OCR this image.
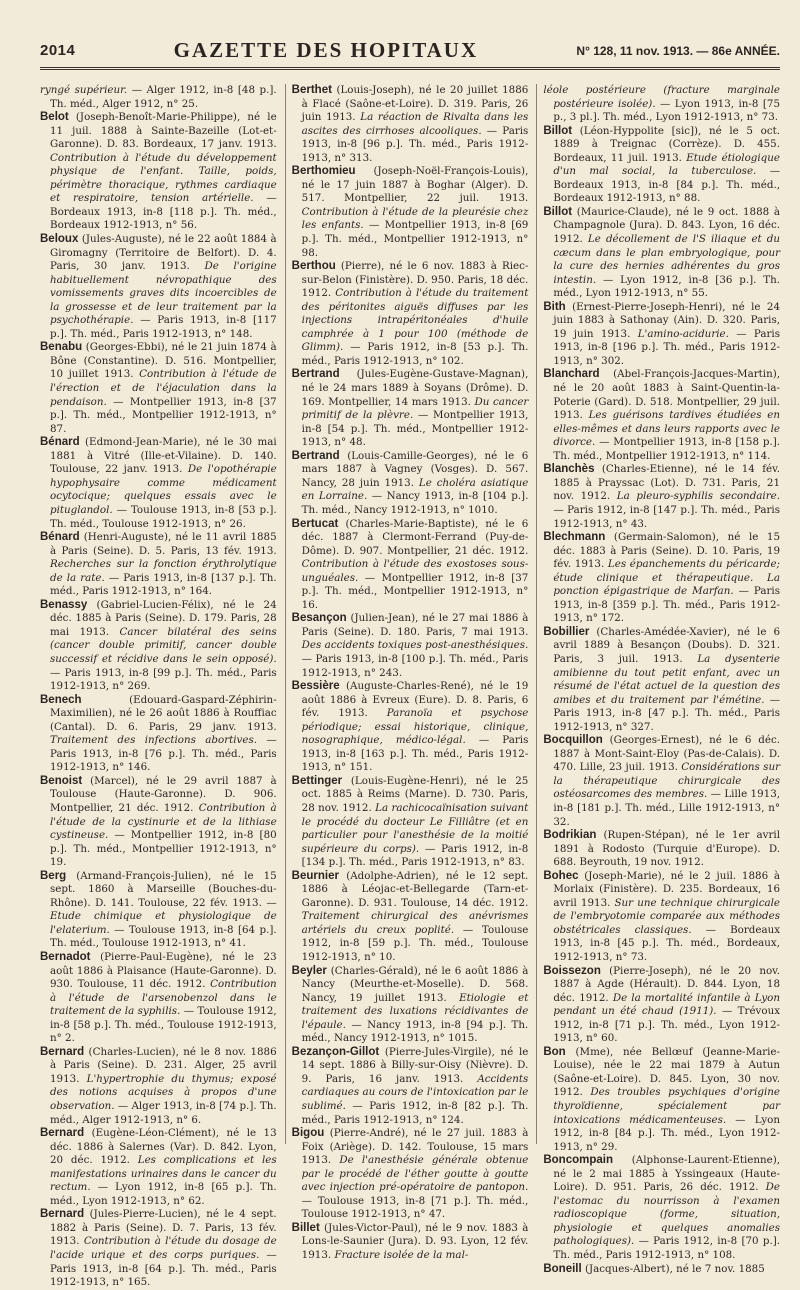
2014	GAZETTE DES HOPITAUX	N° 128, 11 nov. 1913. — 86e ANNÉE.

ryngé supérieur. — Alger 1912, in-8 [48 p.]. Th. méd., Alger 1912, n° 25.

Belot (Joseph-Benoît-Marie-Philippe), né le 11 juil. 1888 à Sainte-Bazeille (Lot-et-Garonne). D. 83. Bordeaux, 17 janv. 1913. Contribution à l'étude du développement physique de l'enfant. Taille, poids, périmètre thoracique, rythmes cardiaque et respiratoire, tension artérielle. — Bordeaux 1913, in-8 [118 p.]. Th. méd., Bordeaux 1912-1913, n° 56.

Beloux (Jules-Auguste), né le 22 août 1884 à Giromagny (Territoire de Belfort). D. 4. Paris, 30 janv. 1913. De l'origine habituellement névropathique des vomissements graves dits incoercibles de la grossesse et de leur traitement par la psychothérapie. — Paris 1913, in-8 [117 p.]. Th. méd., Paris 1912-1913, n° 148.

Benabu (Georges-Ebbi), né le 21 juin 1874 à Bône (Constantine). D. 516. Montpellier, 10 juillet 1913. Contribution à l'étude de l'érection et de l'éjaculation dans la pendaison. — Montpellier 1913, in-8 [37 p.]. Th. méd., Montpellier 1912-1913, n° 87.

Bénard (Edmond-Jean-Marie), né le 30 mai 1881 à Vitré (Ille-et-Vilaine). D. 140. Toulouse, 22 janv. 1913. De l'opothérapie hypophysaire comme médicament ocytocique; quelques essais avec le pituglandol. — Toulouse 1913, in-8 [53 p.]. Th. méd., Toulouse 1912-1913, n° 26.

Bénard (Henri-Auguste), né le 11 avril 1885 à Paris (Seine). D. 5. Paris, 13 fév. 1913. Recherches sur la fonction érythrolytique de la rate. — Paris 1913, in-8 [137 p.]. Th. méd., Paris 1912-1913, n° 164.

Benassy (Gabriel-Lucien-Félix), né le 24 déc. 1885 à Paris (Seine). D. 179. Paris, 28 mai 1913. Cancer bilatéral des seins (cancer double primitif, cancer double successif et récidive dans le sein opposé). — Paris 1913, in-8 [99 p.]. Th. méd., Paris 1912-1913, n° 269.

Benech (Edouard-Gaspard-Zéphirin-Maximilien), né le 26 août 1886 à Rouffiac (Cantal). D. 6. Paris, 29 janv. 1913. Traitement des infections abortives. — Paris 1913, in-8 [76 p.]. Th. méd., Paris 1912-1913, n° 146.

Benoist (Marcel), né le 29 avril 1887 à Toulouse (Haute-Garonne). D. 906. Montpellier, 21 déc. 1912. Contribution à l'étude de la cystinurie et de la lithiase cystineuse. — Montpellier 1912, in-8 [80 p.]. Th. méd., Montpellier 1912-1913, n° 19.

Berg (Armand-François-Julien), né le 15 sept. 1860 à Marseille (Bouches-du-Rhône). D. 141. Toulouse, 22 fév. 1913. — Etude chimique et physiologique de l'elaterium. — Toulouse 1913, in-8 [64 p.]. Th. méd., Toulouse 1912-1913, n° 41.

Bernadot (Pierre-Paul-Eugène), né le 23 août 1886 à Plaisance (Haute-Garonne). D. 930. Toulouse, 11 déc. 1912. Contribution à l'étude de l'arsenobenzol dans le traitement de la syphilis. — Toulouse 1912, in-8 [58 p.]. Th. méd., Toulouse 1912-1913, n° 2.

Bernard (Charles-Lucien), né le 8 nov. 1886 à Paris (Seine). D. 231. Alger, 25 avril 1913. L'hypertrophie du thymus; exposé des notions acquises à propos d'une observation. — Alger 1913, in-8 [74 p.]. Th. méd., Alger 1912-1913, n° 6.

Bernard (Eugène-Léon-Clément), né le 13 déc. 1886 à Salernes (Var). D. 842. Lyon, 20 déc. 1912. Les complications et les manifestations urinaires dans le cancer du rectum. — Lyon 1912, in-8 [65 p.]. Th. méd., Lyon 1912-1913, n° 62.

Bernard (Jules-Pierre-Lucien), né le 4 sept. 1882 à Paris (Seine). D. 7. Paris, 13 fév. 1913. Contribution à l'étude du dosage de l'acide urique et des corps puriques. — Paris 1913, in-8 [64 p.]. Th. méd., Paris 1912-1913, n° 165.

Berthet (Louis-Joseph), né le 20 juillet 1886 à Flacé (Saône-et-Loire). D. 319. Paris, 26 juin 1913. La réaction de Rivalta dans les ascites des cirrhoses alcooliques. — Paris 1913, in-8 [96 p.]. Th. méd., Paris 1912-1913, n° 313.

Berthomieu (Joseph-Noël-François-Louis), né le 17 juin 1887 à Boghar (Alger). D. 517. Montpellier, 22 juil. 1913. Contribution à l'étude de la pleurésie chez les enfants. — Montpellier 1913, in-8 [69 p.]. Th. méd., Montpellier 1912-1913, n° 98.

Berthou (Pierre), né le 6 nov. 1883 à Riec-sur-Belon (Finistère). D. 950. Paris, 18 déc. 1912. Contribution à l'étude du traitement des péritonites aiguës diffuses par les injections intrapéritonéales d'huile camphrée à 1 pour 100 (méthode de Glimm). — Paris 1912, in-8 [53 p.]. Th. méd., Paris 1912-1913, n° 102.

Bertrand (Jules-Eugène-Gustave-Magnan), né le 24 mars 1889 à Soyans (Drôme). D. 169. Montpellier, 14 mars 1913. Du cancer primitif de la plèvre. — Montpellier 1913, in-8 [54 p.]. Th. méd., Montpellier 1912-1913, n° 48.

Bertrand (Louis-Camille-Georges), né le 6 mars 1887 à Vagney (Vosges). D. 567. Nancy, 28 juin 1913. Le choléra asiatique en Lorraine. — Nancy 1913, in-8 [104 p.]. Th. méd., Nancy 1912-1913, n° 1010.

Bertucat (Charles-Marie-Baptiste), né le 6 déc. 1887 à Clermont-Ferrand (Puy-de-Dôme). D. 907. Montpellier, 21 déc. 1912. Contribution à l'étude des exostoses sous-unguéales. — Montpellier 1912, in-8 [37 p.]. Th. méd., Montpellier 1912-1913, n° 16.

Besançon (Julien-Jean), né le 27 mai 1886 à Paris (Seine). D. 180. Paris, 7 mai 1913. Des accidents toxiques post-anesthésiques. — Paris 1913, in-8 [100 p.]. Th. méd., Paris 1912-1913, n° 243.

Bessière (Auguste-Charles-René), né le 19 août 1886 à Evreux (Eure). D. 8. Paris, 6 fév. 1913. Paranoïa et psychose périodique; essai historique, clinique, nosographique, médico-légal. — Paris 1913, in-8 [163 p.]. Th. méd., Paris 1912-1913, n° 151.

Bettinger (Louis-Eugène-Henri), né le 25 oct. 1885 à Reims (Marne). D. 730. Paris, 28 nov. 1912. La rachicocaïnisation suivant le procédé du docteur Le Filliâtre (et en particulier pour l'anesthésie de la moitié supérieure du corps). — Paris 1912, in-8 [134 p.]. Th. méd., Paris 1912-1913, n° 83.

Beurnier (Adolphe-Adrien), né le 12 sept. 1886 à Léojac-et-Bellegarde (Tarn-et-Garonne). D. 931. Toulouse, 14 déc. 1912. Traitement chirurgical des anévrismes artériels du creux poplité. — Toulouse 1912, in-8 [59 p.]. Th. méd., Toulouse 1912-1913, n° 10.

Beyler (Charles-Gérald), né le 6 août 1886 à Nancy (Meurthe-et-Moselle). D. 568. Nancy, 19 juillet 1913. Etiologie et traitement des luxations récidivantes de l'épaule. — Nancy 1913, in-8 [94 p.]. Th. méd., Nancy 1912-1913, n° 1015.

Bezançon-Gillot (Pierre-Jules-Virgile), né le 14 sept. 1886 à Billy-sur-Oisy (Nièvre). D. 9. Paris, 16 janv. 1913. Accidents cardiaques au cours de l'intoxication par le sublimé. — Paris 1912, in-8 [82 p.]. Th. méd., Paris 1912-1913, n° 124.

Bigou (Pierre-André), né le 27 juil. 1883 à Foix (Ariège). D. 142. Toulouse, 15 mars 1913. De l'anesthésie générale obtenue par le procédé de l'éther goutte à goutte avec injection pré-opératoire de pantopon. — Toulouse 1913, in-8 [71 p.]. Th. méd., Toulouse 1912-1913, n° 47.

Billet (Jules-Victor-Paul), né le 9 nov. 1883 à Lons-le-Saunier (Jura). D. 93. Lyon, 12 fév. 1913. Fracture isolée de la mal-

léole postérieure (fracture marginale postérieure isolée). — Lyon 1913, in-8 [75 p., 3 pl.]. Th. méd., Lyon 1912-1913, n° 73.

Billot (Léon-Hyppolite [sic]), né le 5 oct. 1889 à Treignac (Corrèze). D. 455. Bordeaux, 11 juil. 1913. Etude étiologique d'un mal social, la tuberculose. — Bordeaux 1913, in-8 [84 p.]. Th. méd., Bordeaux 1912-1913, n° 88.

Billot (Maurice-Claude), né le 9 oct. 1888 à Champagnole (Jura). D. 843. Lyon, 16 déc. 1912. Le décollement de l'S iliaque et du cæcum dans le plan embryologique, pour la cure des hernies adhérentes du gros intestin. — Lyon 1912, in-8 [36 p.]. Th. méd., Lyon 1912-1913, n° 55.

Bith (Ernest-Pierre-Joseph-Henri), né le 24 juin 1883 à Sathonay (Ain). D. 320. Paris, 19 juin 1913. L'amino-acidurie. — Paris 1913, in-8 [196 p.]. Th. méd., Paris 1912-1913, n° 302.

Blanchard (Abel-François-Jacques-Martin), né le 20 août 1883 à Saint-Quentin-la-Poterie (Gard). D. 518. Montpellier, 29 juil. 1913. Les guérisons tardives étudiées en elles-mêmes et dans leurs rapports avec le divorce. — Montpellier 1913, in-8 [158 p.]. Th. méd., Montpellier 1912-1913, n° 114.

Blanchès (Charles-Etienne), né le 14 fév. 1885 à Prayssac (Lot). D. 731. Paris, 21 nov. 1912. La pleuro-syphilis secondaire. — Paris 1912, in-8 [147 p.]. Th. méd., Paris 1912-1913, n° 43.

Blechmann (Germain-Salomon), né le 15 déc. 1883 à Paris (Seine). D. 10. Paris, 19 fév. 1913. Les épanchements du péricarde; étude clinique et thérapeutique. La ponction épigastrique de Marfan. — Paris 1913, in-8 [359 p.]. Th. méd., Paris 1912-1913, n° 172.

Bobillier (Charles-Amédée-Xavier), né le 6 avril 1889 à Besançon (Doubs). D. 321. Paris, 3 juil. 1913. La dysenterie amibienne du tout petit enfant, avec un résumé de l'état actuel de la question des amibes et du traitement par l'émétine. — Paris 1913, in-8 [47 p.]. Th. méd., Paris 1912-1913, n° 327.

Bocquillon (Georges-Ernest), né le 6 déc. 1887 à Mont-Saint-Eloy (Pas-de-Calais). D. 470. Lille, 23 juil. 1913. Considérations sur la thérapeutique chirurgicale des ostéosarcomes des membres. — Lille 1913, in-8 [181 p.]. Th. méd., Lille 1912-1913, n° 32.

Bodrikian (Rupen-Stépan), né le 1er avril 1891 à Rodosto (Turquie d'Europe). D. 688. Beyrouth, 19 nov. 1912.

Bohec (Joseph-Marie), né le 2 juil. 1886 à Morlaix (Finistère). D. 235. Bordeaux, 16 avril 1913. Sur une technique chirurgicale de l'embryotomie comparée aux méthodes obstétricales classiques. — Bordeaux 1913, in-8 [45 p.]. Th. méd., Bordeaux, 1912-1913, n° 73.

Boissezon (Pierre-Joseph), né le 20 nov. 1887 à Agde (Hérault). D. 844. Lyon, 18 déc. 1912. De la mortalité infantile à Lyon pendant un été chaud (1911). — Trévoux 1912, in-8 [71 p.]. Th. méd., Lyon 1912-1913, n° 60.

Bon (Mme), née Bellœuf (Jeanne-Marie-Louise), née le 22 mai 1879 à Autun (Saône-et-Loire). D. 845. Lyon, 30 nov. 1912. Des troubles psychiques d'origine thyroïdienne, spécialement par intoxications médicamenteuses. — Lyon 1912, in-8 [84 p.]. Th. méd., Lyon 1912-1913, n° 29.

Boncompain (Alphonse-Laurent-Etienne), né le 2 mai 1885 à Yssingeaux (Haute-Loire). D. 951. Paris, 26 déc. 1912. De l'estomac du nourrisson à l'examen radioscopique (forme, situation, physiologie et quelques anomalies pathologiques). — Paris 1912, in-8 [70 p.]. Th. méd., Paris 1912-1913, n° 108.

Boneill (Jacques-Albert), né le 7 nov. 1885
